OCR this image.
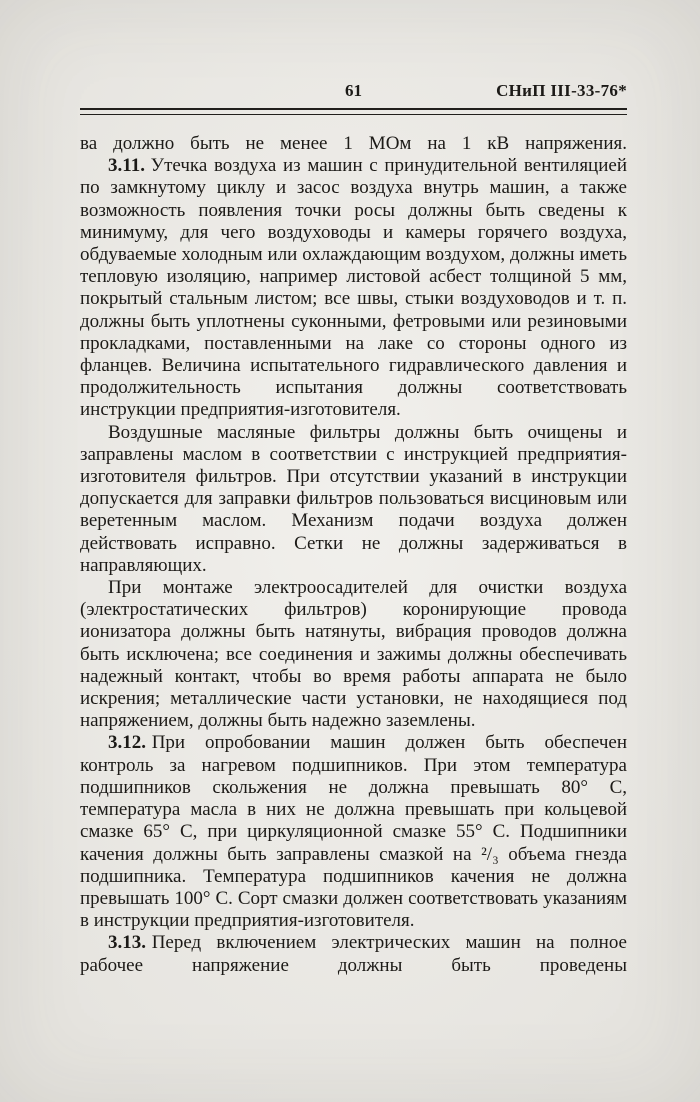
61	СНиП III-33-76*

ва должно быть не менее 1 МОм на 1 кВ напряжения.

3.11. Утечка воздуха из машин с принудительной вентиляцией по замкнутому циклу и засос воздуха внутрь машин, а также возможность появления точки росы должны быть сведены к минимуму, для чего воздуховоды и камеры горячего воздуха, обдуваемые холодным или охлаждающим воздухом, должны иметь тепловую изоляцию, например листовой асбест толщиной 5 мм, покрытый стальным листом; все швы, стыки воздуховодов и т. п. должны быть уплотнены суконными, фетровыми или резиновыми прокладками, поставленными на лаке со стороны одного из фланцев. Величина испытательного гидравлического давления и продолжительность испытания должны соответствовать инструкции предприятия-изготовителя.

Воздушные масляные фильтры должны быть очищены и заправлены маслом в соответствии с инструкцией предприятия-изготовителя фильтров. При отсутствии указаний в инструкции допускается для заправки фильтров пользоваться висциновым или веретенным маслом. Механизм подачи воздуха должен действовать исправно. Сетки не должны задерживаться в направляющих.

При монтаже электроосадителей для очистки воздуха (электростатических фильтров) коронирующие провода ионизатора должны быть натянуты, вибрация проводов должна быть исключена; все соединения и зажимы должны обеспечивать надежный контакт, чтобы во время работы аппарата не было искрения; металлические части установки, не находящиеся под напряжением, должны быть надежно заземлены.

3.12. При опробовании машин должен быть обеспечен контроль за нагревом подшипников. При этом температура подшипников скольжения не должна превышать 80° С, температура масла в них не должна превышать при кольцевой смазке 65° С, при циркуляционной смазке 55° С. Подшипники качения должны быть заправлены смазкой на ²/₃ объема гнезда подшипника. Температура подшипников качения не должна превышать 100° С. Сорт смазки должен соответствовать указаниям в инструкции предприятия-изготовителя.

3.13. Перед включением электрических машин на полное рабочее напряжение должны быть проведены
